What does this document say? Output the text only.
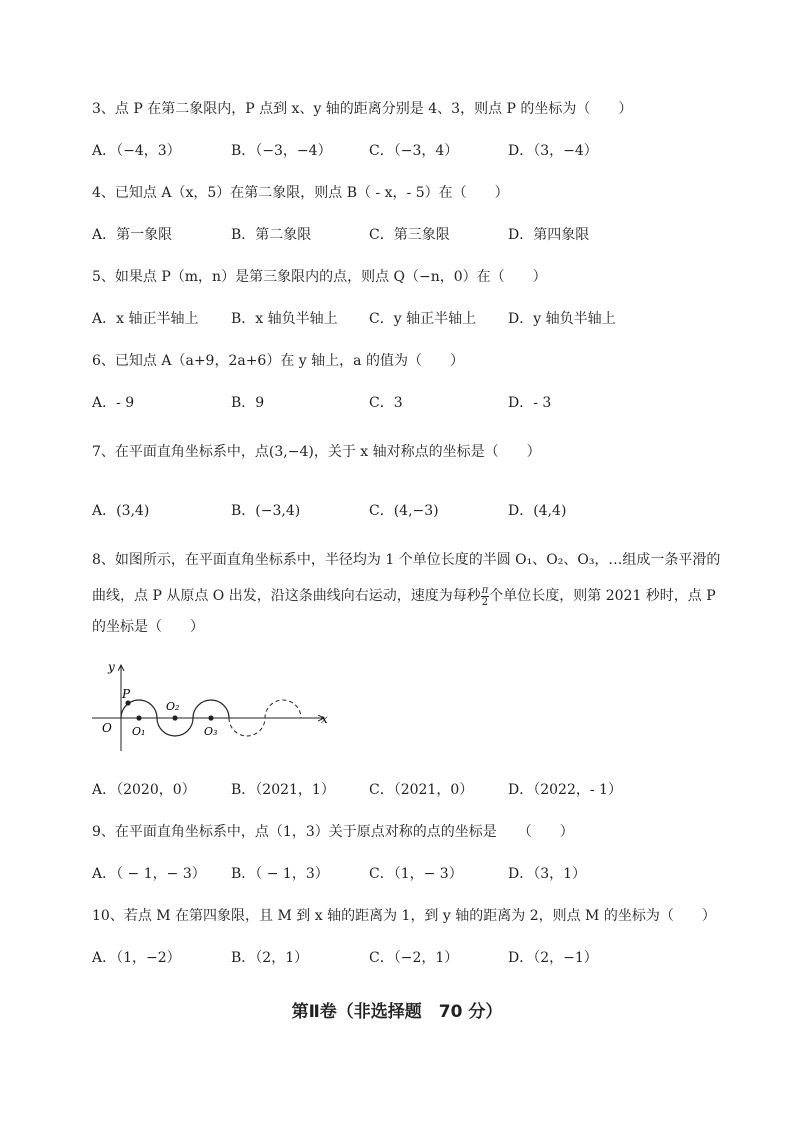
3、点 P 在第二象限内，P 点到 x、y 轴的距离分别是 4、3，则点 P 的坐标为（　　）
A．（−4，3）	B．（−3，−4）	C．（−3，4）	D．（3，−4）
4、已知点 A（x，5）在第二象限，则点 B（ - x，- 5）在（　　）
A．第一象限	B．第二象限	C．第三象限	D．第四象限
5、如果点 P（m，n）是第三象限内的点，则点 Q（−n，0）在（　　）
A．x 轴正半轴上 B．x 轴负半轴上 C．y 轴正半轴上 D．y 轴负半轴上
6、已知点 A（a+9，2a+6）在 y 轴上，a 的值为（　　）
A．- 9	B．9	C．3	D．- 3
7、在平面直角坐标系中，点(3,−4)，关于 x 轴对称点的坐标是（　　）
A．(3,4)	B．(−3,4)	C．(4,−3)	D．(4,4)
8、如图所示，在平面直角坐标系中，半径均为 1 个单位长度的半圆 O₁、O₂、O₃，…组成一条平滑的
曲线，点 P 从原点 O 出发，沿这条曲线向右运动，速度为每秒 $\frac{\pi}{2}$ 个单位长度，则第 2021 秒时，点 P
的坐标是（　　）
y
x
P
O O₁
O₂
O₃
A．（2020，0）	B．（2021，1） C．（2021，0） D．（2022，- 1）
9、在平面直角坐标系中，点（1，3）关于原点对称的点的坐标是　　（　　）
A．（ − 1，− 3） B．（ − 1，3）	C．（1，− 3）	D．（3，1）
10、若点 M 在第四象限，且 M 到 x 轴的距离为 1，到 y 轴的距离为 2，则点 M 的坐标为（　　）
A．（1，−2）	B．（2，1）	C．（−2，1）	D．（2，−1）
第Ⅱ卷（非选择题　70 分）
